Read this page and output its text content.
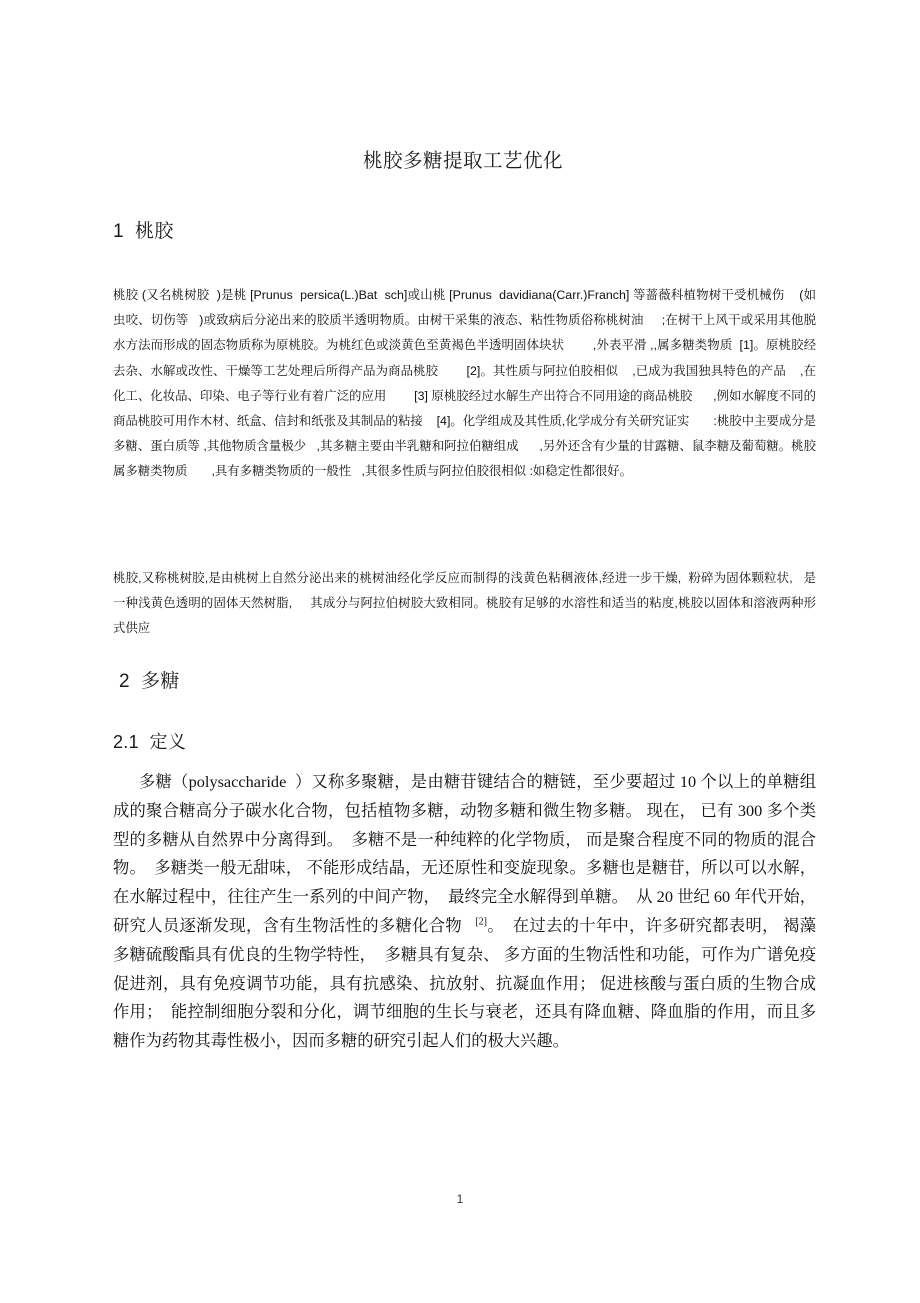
桃胶多糖提取工艺优化
1  桃胶

桃胶 (又名桃树胶  )是桃 [Prunus  persica(L.)Bat  sch]或山桃 [Prunus  davidiana(Carr.)Franch] 等蔷薇科植物树干受机械伤    (如虫咬、切伤等   )或致病后分泌出来的胶质半透明物质。由树干采集的液态、粘性物质俗称桃树油     ;在树干上风干或采用其他脱水方法而形成的固态物质称为原桃胶。为桃红色或淡黄色至黄褐色半透明固体块状        ,外表平滑 ,,属多糖类物质  [1]。原桃胶经去杂、水解或改性、干燥等工艺处理后所得产品为商品桃胶        [2]。其性质与阿拉伯胶相似    ,已成为我国独具特色的产品    ,在化工、化妆品、印染、电子等行业有着广泛的应用        [3] 原桃胶经过水解生产出符合不同用途的商品桃胶      ,例如水解度不同的商品桃胶可用作木材、纸盒、信封和纸张及其制品的粘接    [4]。化学组成及其性质,化学成分有关研究证实       :桃胶中主要成分是多糖、蛋白质等 ,其他物质含量极少   ,其多糖主要由半乳糖和阿拉伯糖组成      ,另外还含有少量的甘露糖、鼠李糖及葡萄糖。桃胶属多糖类物质       ,具有多糖类物质的一般性   ,其很多性质与阿拉伯胶很相似 :如稳定性都很好。

桃胶,又称桃树胶,是由桃树上自然分泌出来的桃树油经化学反应而制得的浅黄色粘稠液体,经进一步干燥,  粉碎为固体颗粒状,   是一种浅黄色透明的固体天然树脂,     其成分与阿拉伯树胶大致相同。桃胶有足够的水溶性和适当的粘度,桃胶以固体和溶液两种形式供应

2  多糖
2.1  定义

多糖（polysaccharide  ）又称多聚糖，是由糖苷键结合的糖链，至少要超过 10 个以上的单糖组成的聚合糖高分子碳水化合物，包括植物多糖，动物多糖和微生物多糖。 现在， 已有 300 多个类型的多糖从自然界中分离得到。  多糖不是一种纯粹的化学物质， 而是聚合程度不同的物质的混合物。  多糖类一般无甜味， 不能形成结晶，无还原性和变旋现象。多糖也是糖苷，所以可以水解，在水解过程中，往往产生一系列的中间产物，  最终完全水解得到单糖。  从 20 世纪 60 年代开始，研究人员逐渐发现，含有生物活性的多糖化合物   [2]。  在过去的十年中，许多研究都表明， 褐藻多糖硫酸酯具有优良的生物学特性，  多糖具有复杂、 多方面的生物活性和功能，可作为广谱免疫促进剂，具有免疫调节功能，具有抗感染、抗放射、抗凝血作用； 促进核酸与蛋白质的生物合成作用；  能控制细胞分裂和分化，调节细胞的生长与衰老，还具有降血糖、降血脂的作用，而且多糖作为药物其毒性极小，因而多糖的研究引起人们的极大兴趣。

1
